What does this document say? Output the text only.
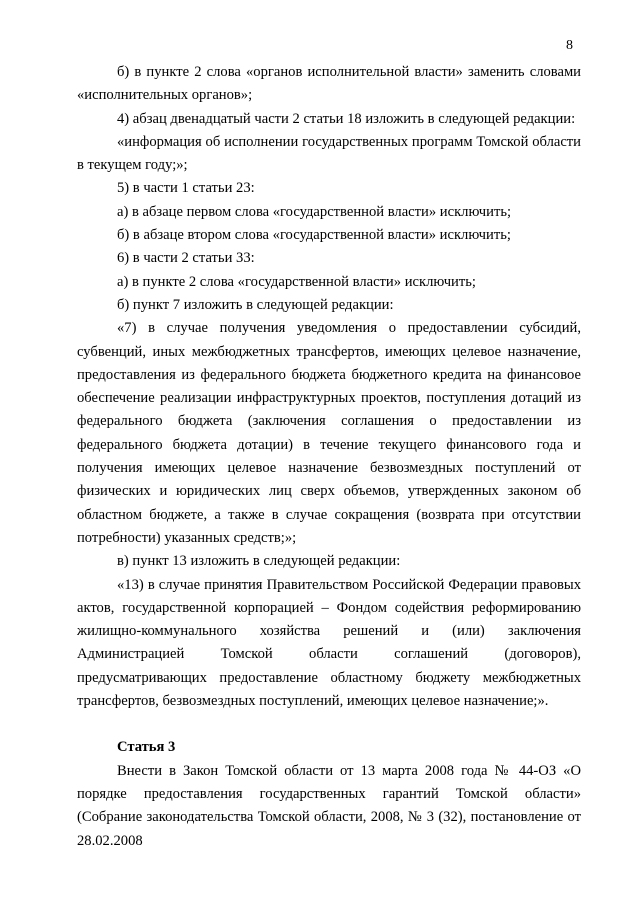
8

б) в пункте 2 слова «органов исполнительной власти» заменить словами «исполнительных органов»;

4) абзац двенадцатый части 2 статьи 18 изложить в следующей редакции:

«информация об исполнении государственных программ Томской области в текущем году;»;

5) в части 1 статьи 23:

а) в абзаце первом слова «государственной власти» исключить;

б) в абзаце втором слова «государственной власти» исключить;

6) в части 2 статьи 33:

а) в пункте 2 слова «государственной власти» исключить;

б) пункт 7 изложить в следующей редакции:

«7) в случае получения уведомления о предоставлении субсидий, субвенций, иных межбюджетных трансфертов, имеющих целевое назначение, предоставления из федерального бюджета бюджетного кредита на финансовое обеспечение реализации инфраструктурных проектов, поступления дотаций из федерального бюджета (заключения соглашения о предоставлении из федерального бюджета дотации) в течение текущего финансового года и получения имеющих целевое назначение безвозмездных поступлений от физических и юридических лиц сверх объемов, утвержденных законом об областном бюджете, а также в случае сокращения (возврата при отсутствии потребности) указанных средств;»;

в) пункт 13 изложить в следующей редакции:

«13) в случае принятия Правительством Российской Федерации правовых актов, государственной корпорацией – Фондом содействия реформированию жилищно-коммунального хозяйства решений и (или) заключения Администрацией Томской области соглашений (договоров), предусматривающих предоставление областному бюджету межбюджетных трансфертов, безвозмездных поступлений, имеющих целевое назначение;».

Статья 3

Внести в Закон Томской области от 13 марта 2008 года № 44-ОЗ «О порядке предоставления государственных гарантий Томской области» (Собрание законодательства Томской области, 2008, № 3 (32), постановление от 28.02.2008
